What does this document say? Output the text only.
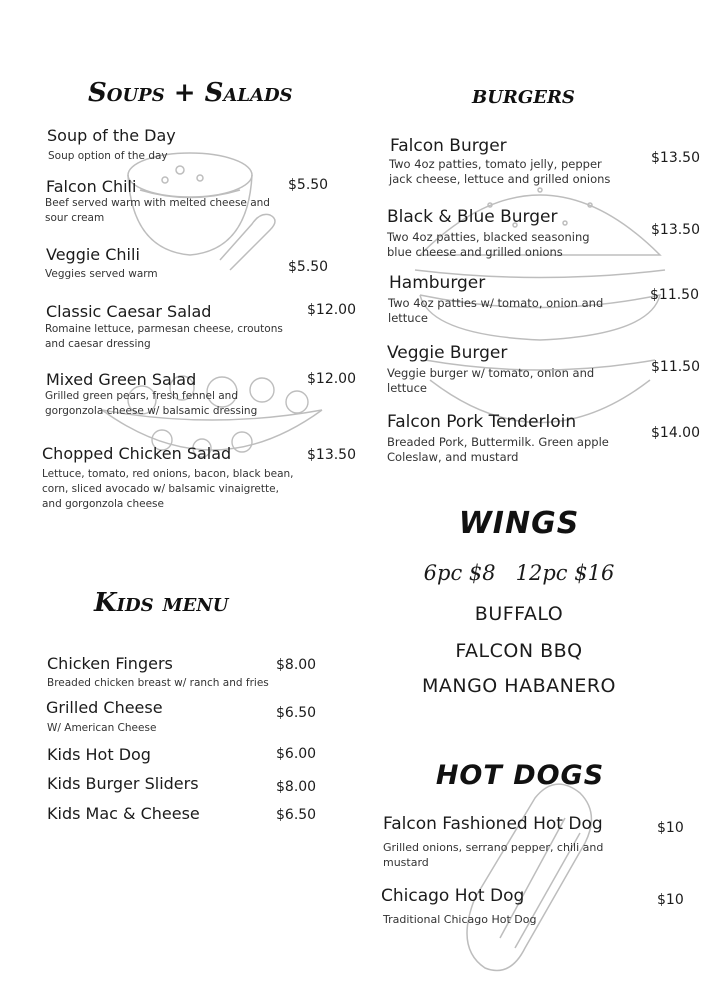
Soups + Salads
Soup of the Day
Soup option of the day
Falcon Chili
Beef served warm with melted cheese and sour cream
$5.50
Veggie Chili
Veggies served warm	$5.50
Classic Caesar Salad
Romaine lettuce, parmesan cheese, croutons and caesar dressing
$12.00
Mixed Green Salad
Grilled green pears, fresh fennel and gorgonzola cheese w/ balsamic dressing
$12.00
Chopped Chicken Salad
Lettuce, tomato, red onions, bacon, black bean, corn, sliced avocado w/ balsamic vinaigrette, and gorgonzola cheese
$13.50
burgers
Falcon Burger
Two 4oz patties, tomato jelly, pepper jack cheese, lettuce and grilled onions
$13.50
Black & Blue Burger
Two 4oz patties, blacked seasoning blue cheese and grilled onions
$13.50
Hamburger
Two 4oz patties w/ tomato, onion and lettuce
$11.50
Veggie Burger
Veggie burger w/ tomato, onion and lettuce
$11.50
Falcon Pork Tenderloin
Breaded Pork, Buttermilk. Green apple Coleslaw, and mustard
$14.00
Kids menu
Chicken Fingers
Breaded chicken breast w/ ranch and fries
$8.00
Grilled Cheese
W/ American Cheese
$6.50
Kids Hot Dog	$6.00
Kids Burger Sliders	$8.00
Kids Mac & Cheese	$6.50
WINGS
6pc $8   12pc $16
BUFFALO
FALCON BBQ
MANGO HABANERO
HOT DOGS
Falcon Fashioned Hot Dog
Grilled onions, serrano pepper, chili and mustard
$10
Chicago Hot Dog
Traditional Chicago Hot Dog
$10
